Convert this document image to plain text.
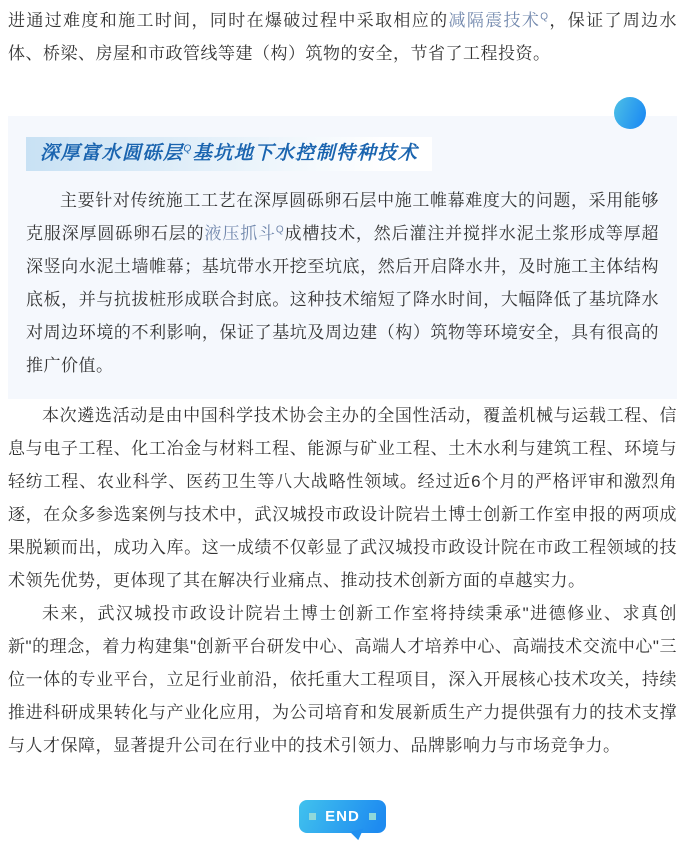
进通过难度和施工时间，同时在爆破过程中采取相应的减隔震技术$^Q$，保证了周边水体、桥梁、房屋和市政管线等建（构）筑物的安全，节省了工程投资。

深厚富水圆砾层$^Q$基坑地下水控制特种技术

主要针对传统施工工艺在深厚圆砾卵石层中施工帷幕难度大的问题，采用能够克服深厚圆砾卵石层的液压抓斗$^Q$成槽技术，然后灌注并搅拌水泥土浆形成等厚超深竖向水泥土墙帷幕；基坑带水开挖至坑底，然后开启降水井，及时施工主体结构底板，并与抗拔桩形成联合封底。这种技术缩短了降水时间，大幅降低了基坑降水对周边环境的不利影响，保证了基坑及周边建（构）筑物等环境安全，具有很高的推广价值。

本次遴选活动是由中国科学技术协会主办的全国性活动，覆盖机械与运载工程、信息与电子工程、化工冶金与材料工程、能源与矿业工程、土木水利与建筑工程、环境与轻纺工程、农业科学、医药卫生等八大战略性领域。经过近6个月的严格评审和激烈角逐，在众多参选案例与技术中，武汉城投市政设计院岩土博士创新工作室申报的两项成果脱颖而出，成功入库。这一成绩不仅彰显了武汉城投市政设计院在市政工程领域的技术领先优势，更体现了其在解决行业痛点、推动技术创新方面的卓越实力。

未来，武汉城投市政设计院岩土博士创新工作室将持续秉承"进德修业、求真创新"的理念，着力构建集"创新平台研发中心、高端人才培养中心、高端技术交流中心"三位一体的专业平台，立足行业前沿，依托重大工程项目，深入开展核心技术攻关，持续推进科研成果转化与产业化应用，为公司培育和发展新质生产力提供强有力的技术支撑与人才保障，显著提升公司在行业中的技术引领力、品牌影响力与市场竞争力。

END
